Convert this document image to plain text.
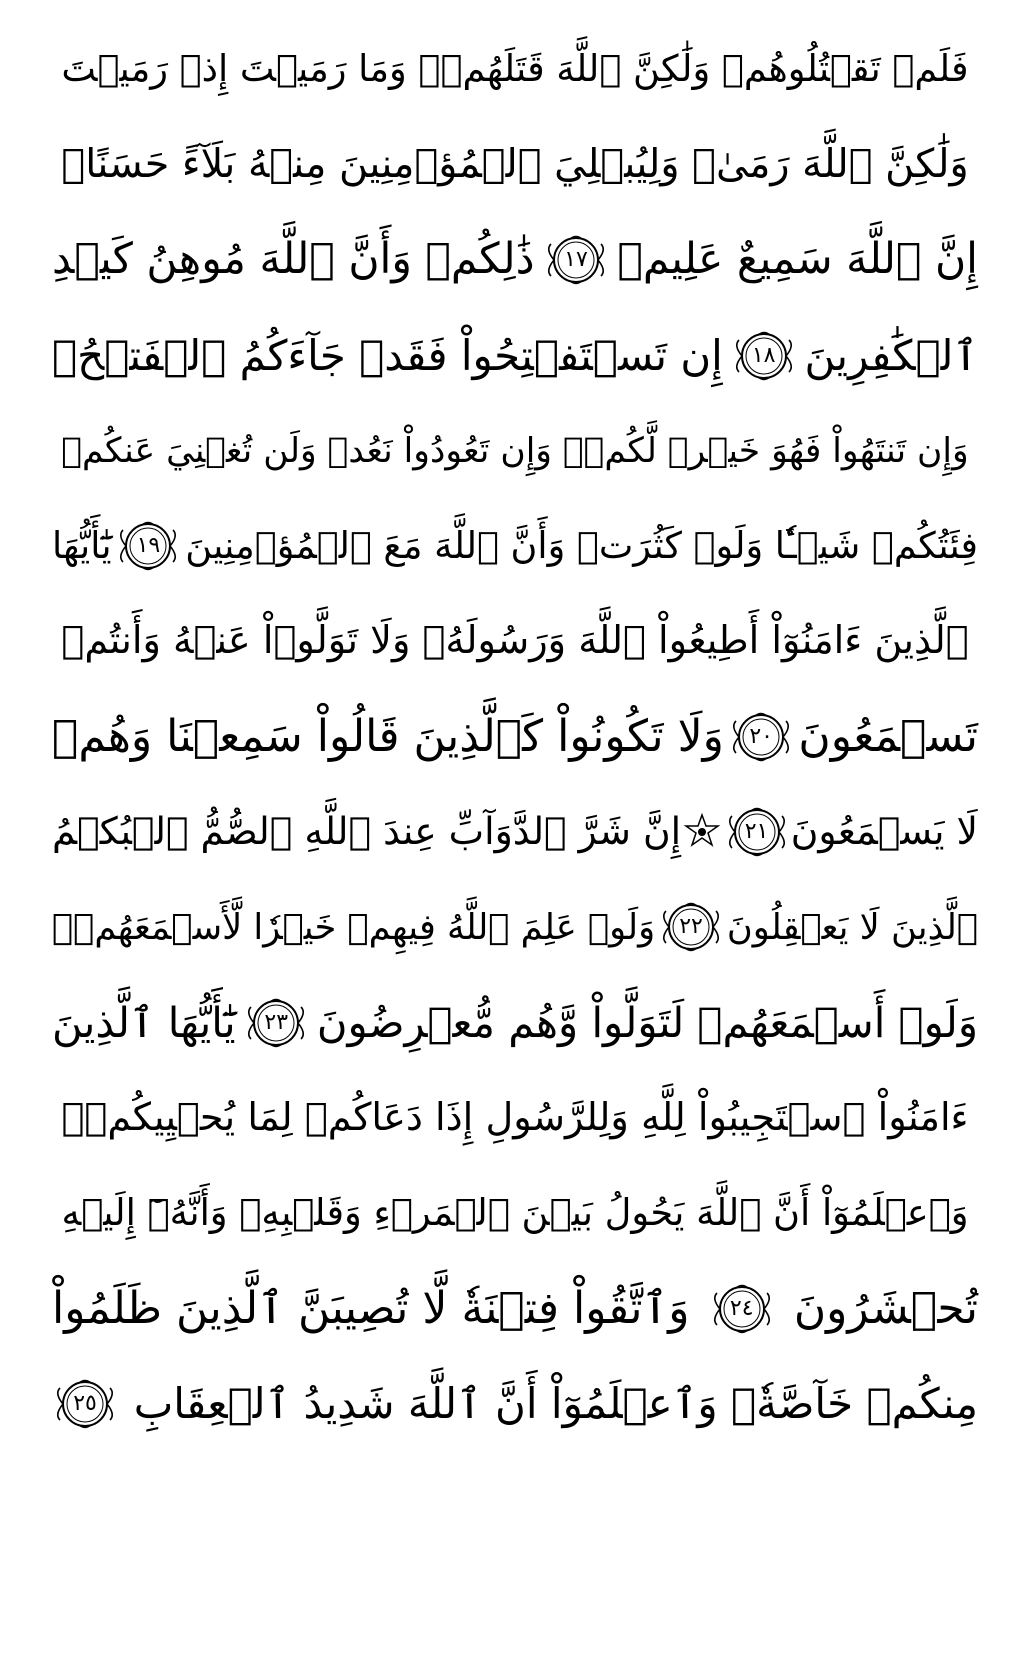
فَلَمۡ تَقۡتُلُوهُمۡ وَلَٰكِنَّ ٱللَّهَ قَتَلَهُمۡۚ وَمَا رَمَيۡتَ إِذۡ رَمَيۡتَ
وَلَٰكِنَّ ٱللَّهَ رَمَىٰۚ وَلِيُبۡلِيَ ٱلۡمُؤۡمِنِينَ مِنۡهُ بَلَآءً حَسَنًاۚ
إِنَّ ٱللَّهَ سَمِيعٌ عَلِيمٞ
١٧
ذَٰلِكُمۡ وَأَنَّ ٱللَّهَ مُوهِنُ كَيۡدِ
ٱلۡكَٰفِرِينَ
١٨
إِن تَسۡتَفۡتِحُواْ فَقَدۡ جَآءَكُمُ ٱلۡفَتۡحُۖ
وَإِن تَنتَهُواْ فَهُوَ خَيۡرٞ لَّكُمۡۖ وَإِن تَعُودُواْ نَعُدۡ وَلَن تُغۡنِيَ عَنكُمۡ
فِئَتُكُمۡ شَيۡـٔٗا وَلَوۡ كَثُرَتۡ وَأَنَّ ٱللَّهَ مَعَ ٱلۡمُؤۡمِنِينَ
١٩
يَٰٓأَيُّهَا
ٱلَّذِينَ ءَامَنُوٓاْ أَطِيعُواْ ٱللَّهَ وَرَسُولَهُۥ وَلَا تَوَلَّوۡاْ عَنۡهُ وَأَنتُمۡ
تَسۡمَعُونَ
٢٠
وَلَا تَكُونُواْ كَٱلَّذِينَ قَالُواْ سَمِعۡنَا وَهُمۡ
لَا يَسۡمَعُونَ
٢١
إِنَّ شَرَّ ٱلدَّوَآبِّ عِندَ ٱللَّهِ ٱلصُّمُّ ٱلۡبُكۡمُ
ٱلَّذِينَ لَا يَعۡقِلُونَ
٢٢
وَلَوۡ عَلِمَ ٱللَّهُ فِيهِمۡ خَيۡرٗا لَّأَسۡمَعَهُمۡۖ
وَلَوۡ أَسۡمَعَهُمۡ لَتَوَلَّواْ وَّهُم مُّعۡرِضُونَ
٢٣
يَٰٓأَيُّهَا ٱلَّذِينَ
ءَامَنُواْ ٱسۡتَجِيبُواْ لِلَّهِ وَلِلرَّسُولِ إِذَا دَعَاكُمۡ لِمَا يُحۡيِيكُمۡۖ
وَٱعۡلَمُوٓاْ أَنَّ ٱللَّهَ يَحُولُ بَيۡنَ ٱلۡمَرۡءِ وَقَلۡبِهِۦ وَأَنَّهُۥٓ إِلَيۡهِ
تُحۡشَرُونَ
٢٤
وَٱتَّقُواْ فِتۡنَةٗ لَّا تُصِيبَنَّ ٱلَّذِينَ ظَلَمُواْ
مِنكُمۡ خَآصَّةٗۖ وَٱعۡلَمُوٓاْ أَنَّ ٱللَّهَ شَدِيدُ ٱلۡعِقَابِ
٢٥
